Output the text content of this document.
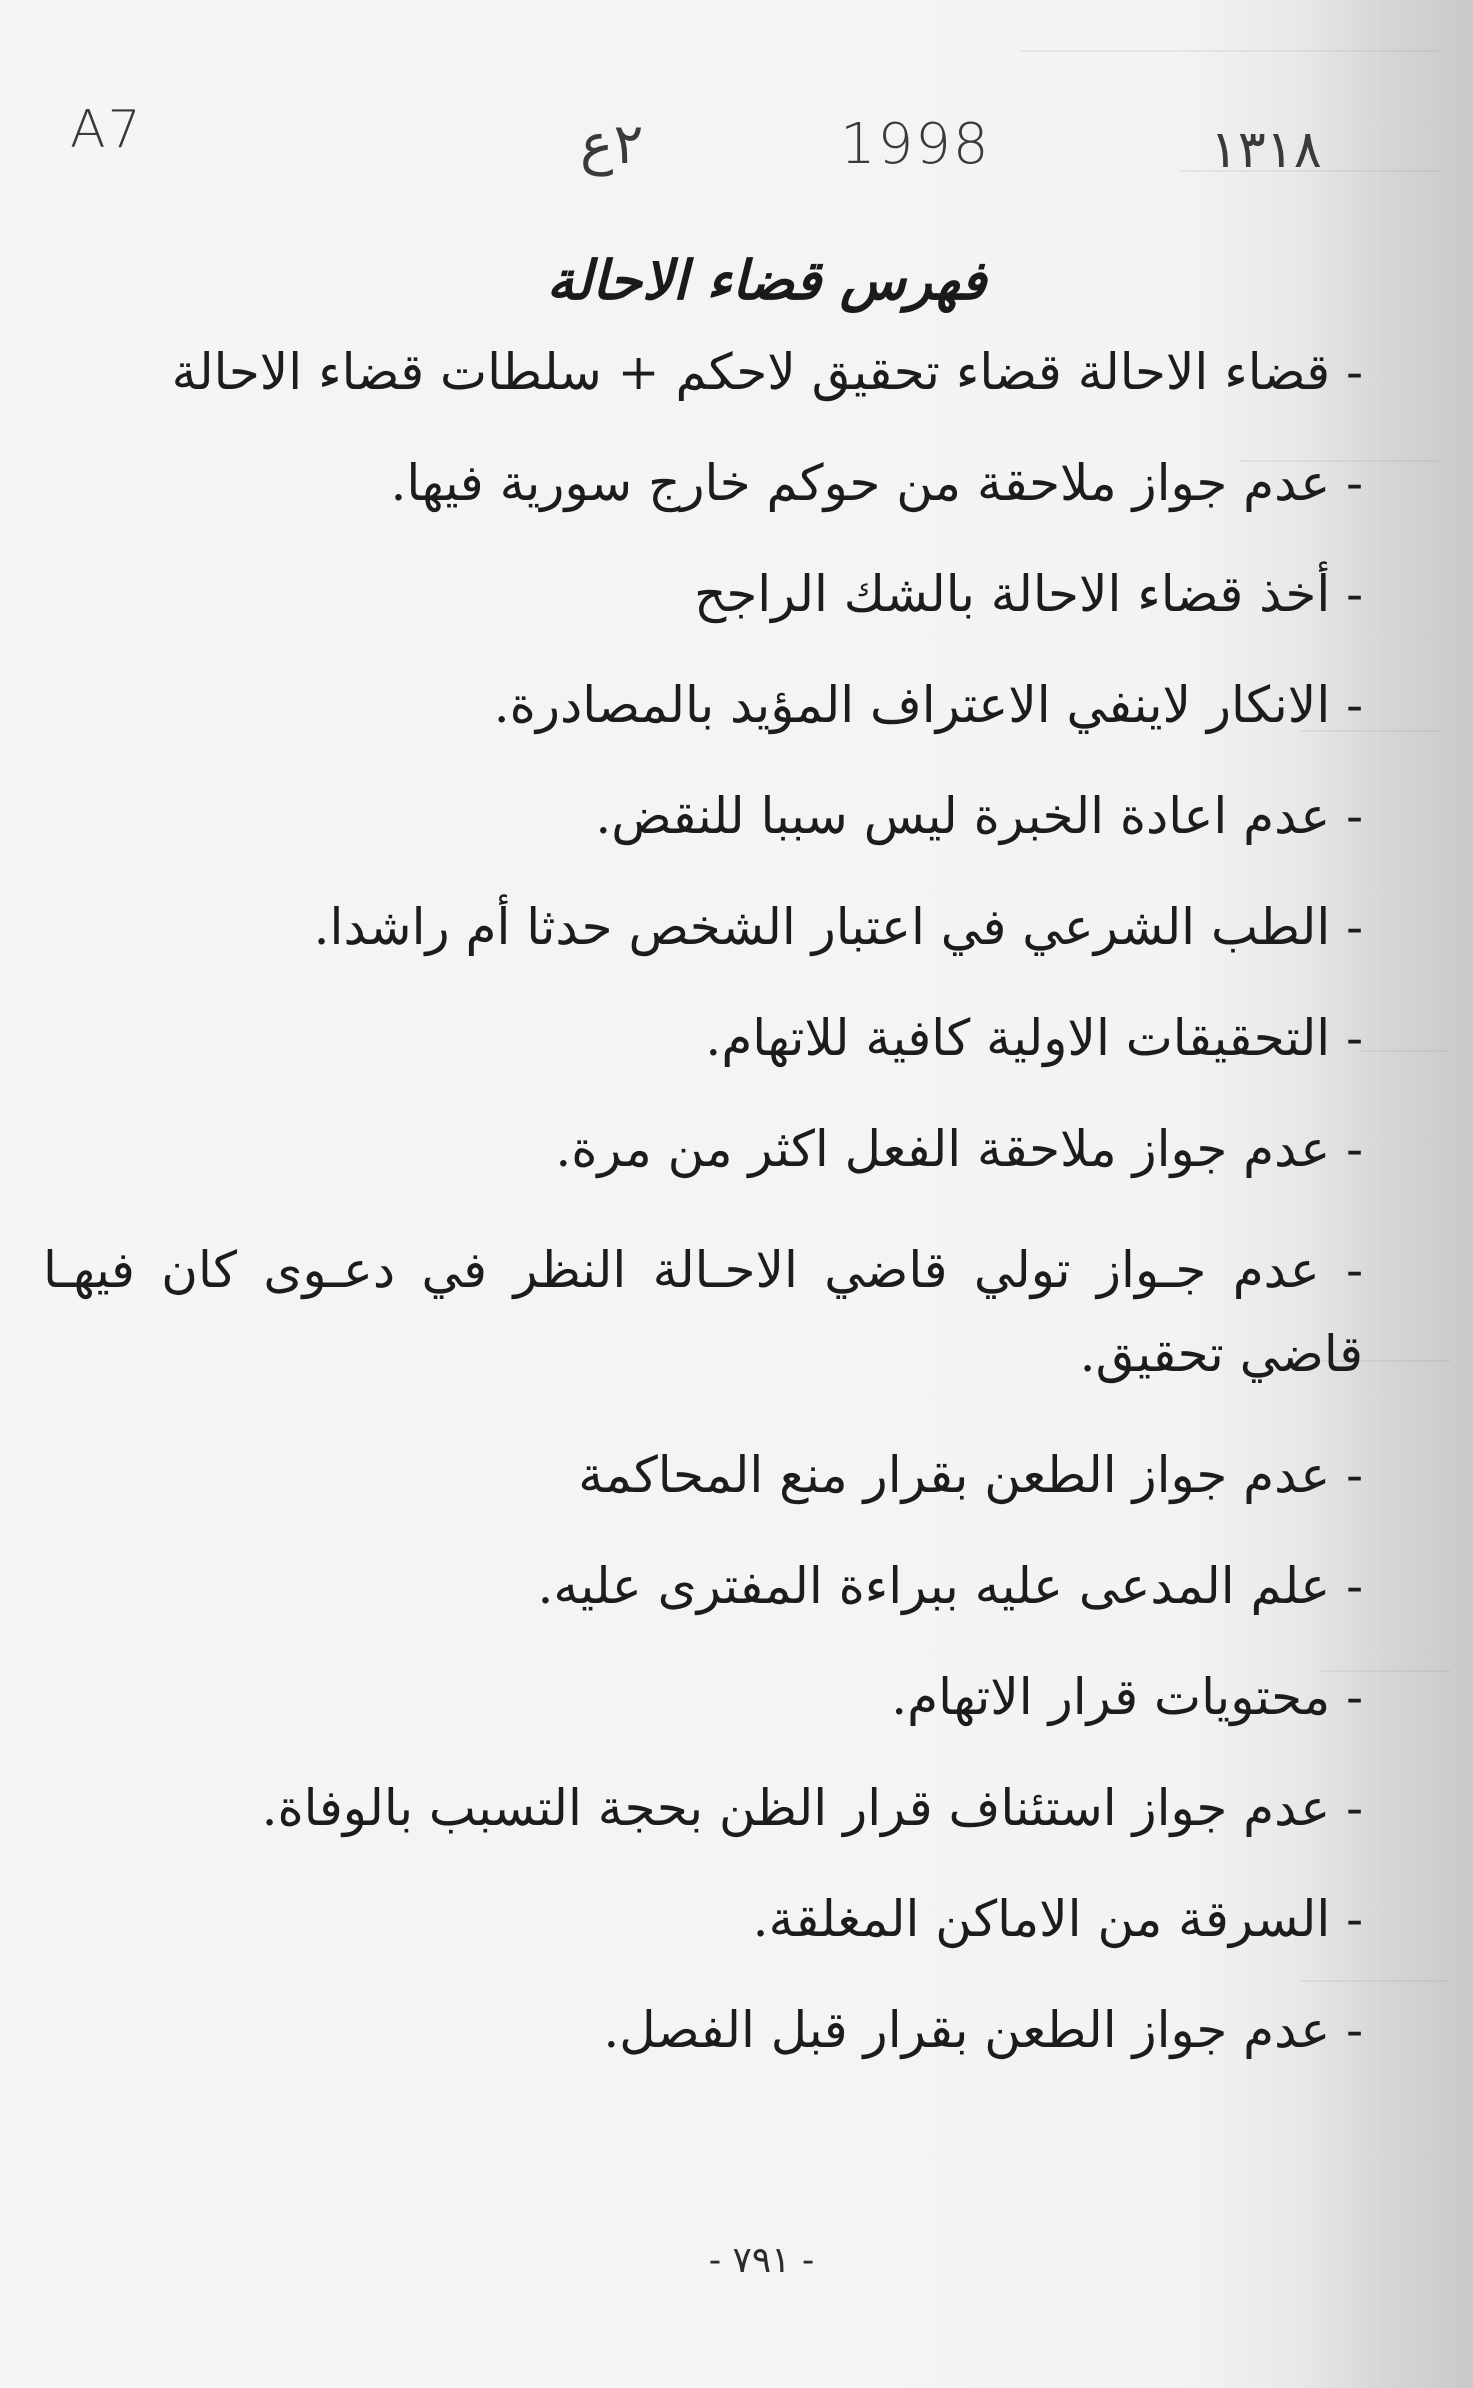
A7	٢ع	1998	١٣١٨
فهرس قضاء الاحالة
- قضاء الاحالة قضاء تحقيق لاحكم + سلطات قضاء الاحالة
- عدم جواز ملاحقة من حوكم خارج سورية فيها.
- أخذ قضاء الاحالة بالشك الراجح
- الانكار لاينفي الاعتراف المؤيد بالمصادرة.
- عدم اعادة الخبرة ليس سببا للنقض.
- الطب الشرعي في اعتبار الشخص حدثا أم راشدا.
- التحقيقات الاولية كافية للاتهام.
- عدم جواز ملاحقة الفعل اكثر من مرة.
- عدم جـواز تولي قاضي الاحـالة النظر في دعـوى كان فيهـا قاضي تحقيق.
- عدم جواز الطعن بقرار منع المحاكمة
- علم المدعى عليه ببراءة المفترى عليه.
- محتويات قرار الاتهام.
- عدم جواز استئناف قرار الظن بحجة التسبب بالوفاة.
- السرقة من الاماكن المغلقة.
- عدم جواز الطعن بقرار قبل الفصل.
- ٧٩١ -
